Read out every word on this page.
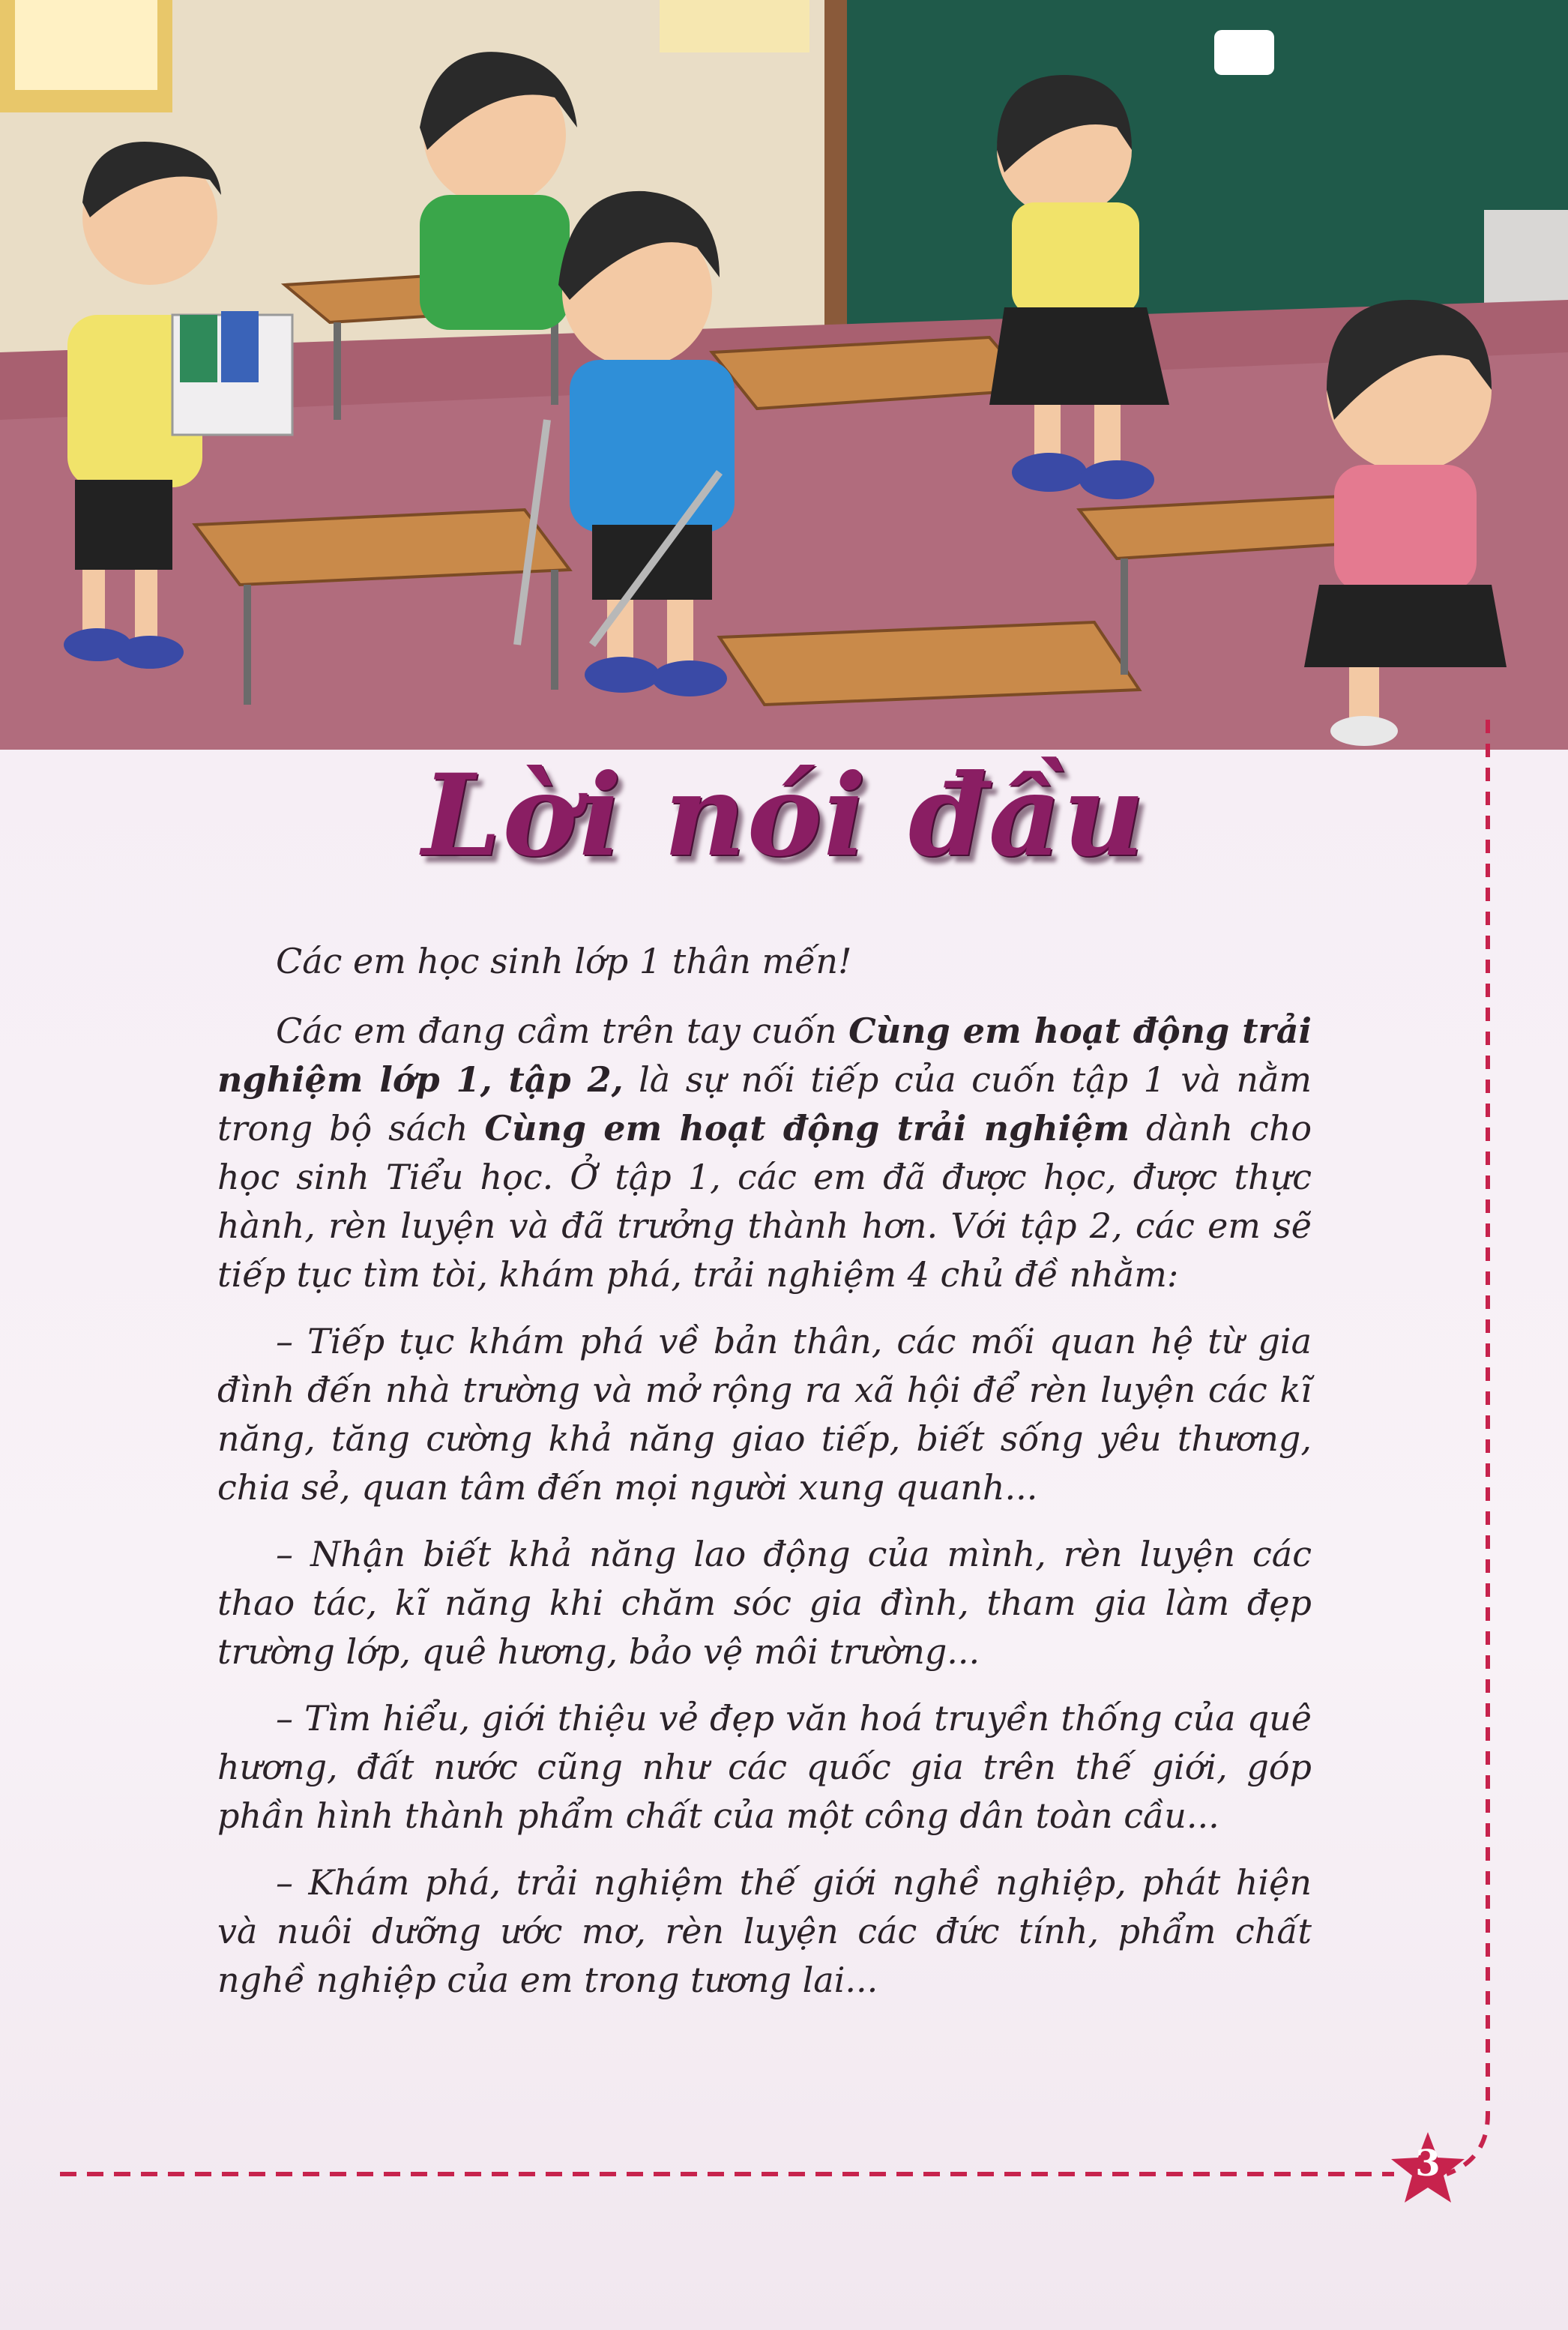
Lời nói đầu

Các em học sinh lớp 1 thân mến!

Các em đang cầm trên tay cuốn Cùng em hoạt động trải nghiệm lớp 1, tập 2, là sự nối tiếp của cuốn tập 1 và nằm trong bộ sách Cùng em hoạt động trải nghiệm dành cho học sinh Tiểu học. Ở tập 1, các em đã được học, được thực hành, rèn luyện và đã trưởng thành hơn. Với tập 2, các em sẽ tiếp tục tìm tòi, khám phá, trải nghiệm 4 chủ đề nhằm:

– Tiếp tục khám phá về bản thân, các mối quan hệ từ gia đình đến nhà trường và mở rộng ra xã hội để rèn luyện các kĩ năng, tăng cường khả năng giao tiếp, biết sống yêu thương, chia sẻ, quan tâm đến mọi người xung quanh...

– Nhận biết khả năng lao động của mình, rèn luyện các thao tác, kĩ năng khi chăm sóc gia đình, tham gia làm đẹp trường lớp, quê hương, bảo vệ môi trường...

– Tìm hiểu, giới thiệu vẻ đẹp văn hoá truyền thống của quê hương, đất nước cũng như các quốc gia trên thế giới, góp phần hình thành phẩm chất của một công dân toàn cầu...

– Khám phá, trải nghiệm thế giới nghề nghiệp, phát hiện và nuôi dưỡng ước mơ, rèn luyện các đức tính, phẩm chất nghề nghiệp của em trong tương lai...

3
